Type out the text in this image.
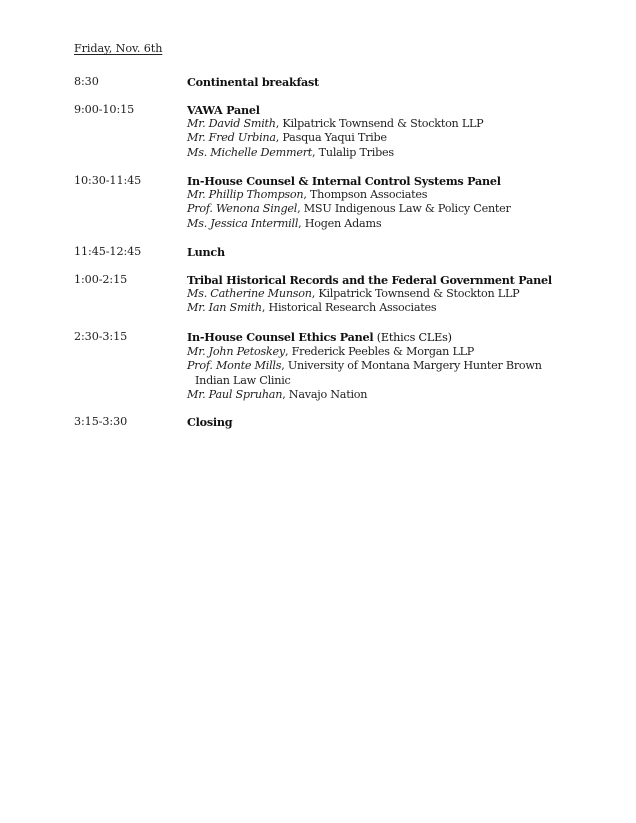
Friday, Nov. 6th
8:30	Continental breakfast
9:00-10:15	VAWA Panel
Mr. David Smith, Kilpatrick Townsend & Stockton LLP
Mr. Fred Urbina, Pasqua Yaqui Tribe
Ms. Michelle Demmert, Tulalip Tribes
10:30-11:45	In-House Counsel & Internal Control Systems Panel
Mr. Phillip Thompson, Thompson Associates
Prof. Wenona Singel, MSU Indigenous Law & Policy Center
Ms. Jessica Intermill, Hogen Adams
11:45-12:45	Lunch
1:00-2:15	Tribal Historical Records and the Federal Government Panel
Ms. Catherine Munson, Kilpatrick Townsend & Stockton LLP
Mr. Ian Smith, Historical Research Associates
2:30-3:15	In-House Counsel Ethics Panel (Ethics CLEs)
Mr. John Petoskey, Frederick Peebles & Morgan LLP
Prof. Monte Mills, University of Montana Margery Hunter Brown
Indian Law Clinic
Mr. Paul Spruhan, Navajo Nation
3:15-3:30	Closing
